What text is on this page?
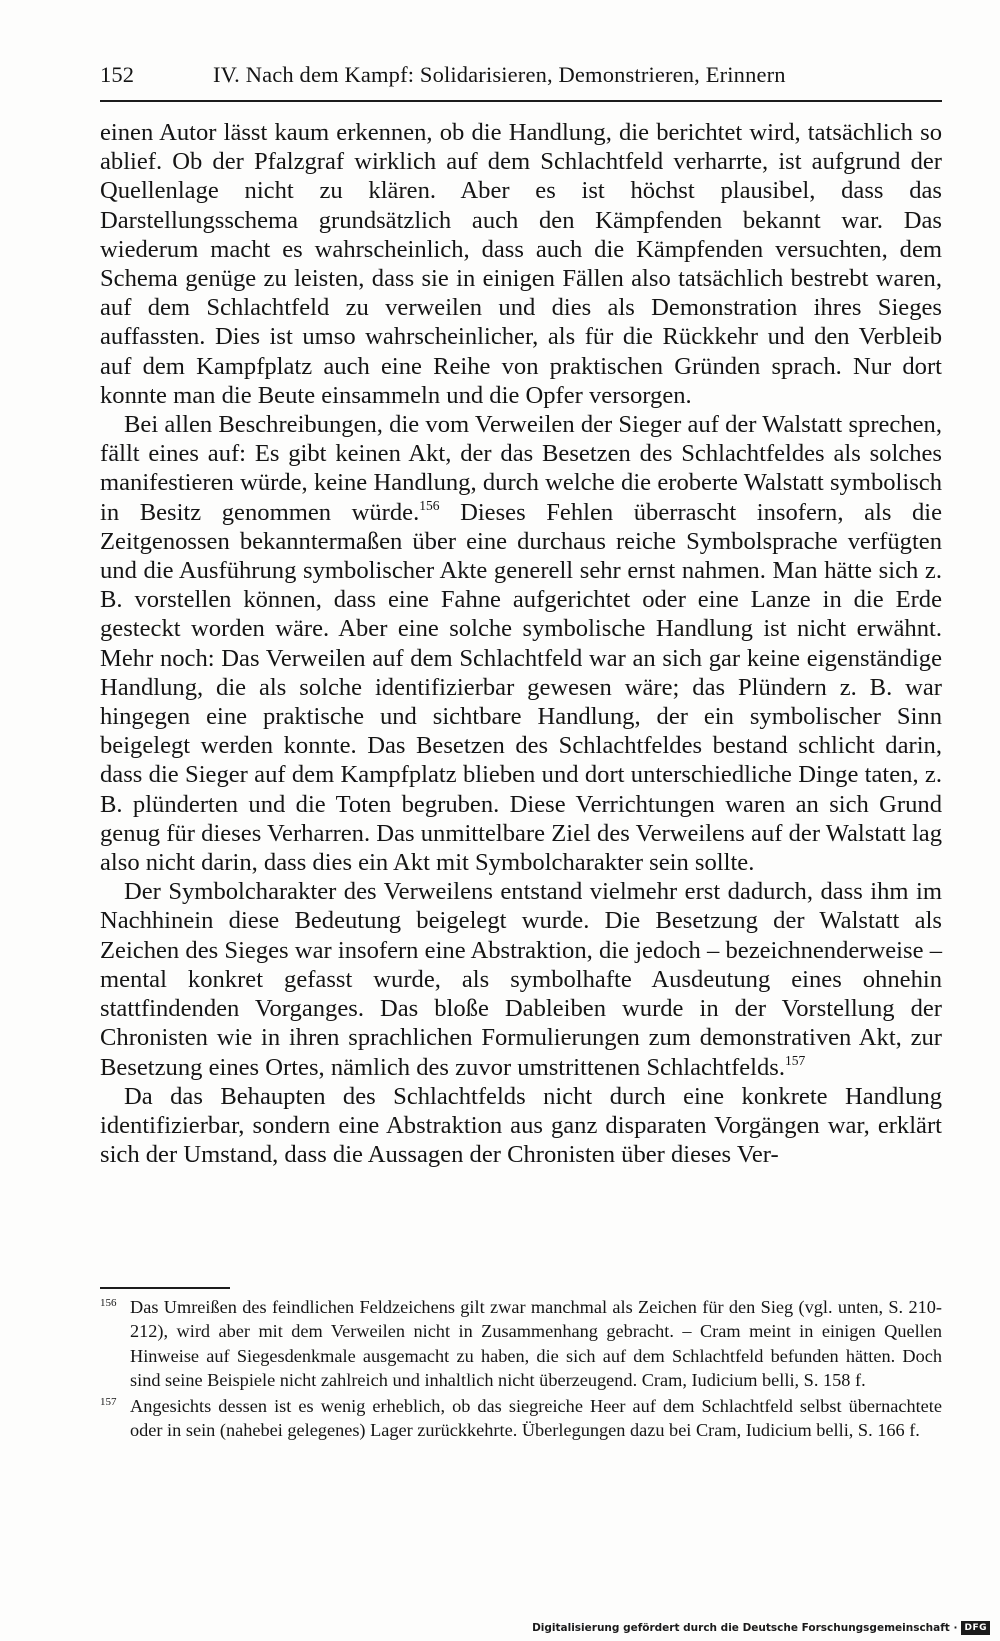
152	IV. Nach dem Kampf: Solidarisieren, Demonstrieren, Erinnern

einen Autor lässt kaum erkennen, ob die Handlung, die berichtet wird, tatsächlich so ablief. Ob der Pfalzgraf wirklich auf dem Schlachtfeld verharrte, ist aufgrund der Quellenlage nicht zu klären. Aber es ist höchst plausibel, dass das Darstellungsschema grundsätzlich auch den Kämpfenden bekannt war. Das wiederum macht es wahrscheinlich, dass auch die Kämpfenden versuchten, dem Schema genüge zu leisten, dass sie in einigen Fällen also tatsächlich bestrebt waren, auf dem Schlachtfeld zu verweilen und dies als Demonstration ihres Sieges auffassten. Dies ist umso wahrscheinlicher, als für die Rückkehr und den Verbleib auf dem Kampfplatz auch eine Reihe von praktischen Gründen sprach. Nur dort konnte man die Beute einsammeln und die Opfer versorgen.

Bei allen Beschreibungen, die vom Verweilen der Sieger auf der Walstatt sprechen, fällt eines auf: Es gibt keinen Akt, der das Besetzen des Schlachtfeldes als solches manifestieren würde, keine Handlung, durch welche die eroberte Walstatt symbolisch in Besitz genommen würde.$^{156}$ Dieses Fehlen überrascht insofern, als die Zeitgenossen bekanntermaßen über eine durchaus reiche Symbolsprache verfügten und die Ausführung symbolischer Akte generell sehr ernst nahmen. Man hätte sich z. B. vorstellen können, dass eine Fahne aufgerichtet oder eine Lanze in die Erde gesteckt worden wäre. Aber eine solche symbolische Handlung ist nicht erwähnt. Mehr noch: Das Verweilen auf dem Schlachtfeld war an sich gar keine eigenständige Handlung, die als solche identifizierbar gewesen wäre; das Plündern z. B. war hingegen eine praktische und sichtbare Handlung, der ein symbolischer Sinn beigelegt werden konnte. Das Besetzen des Schlachtfeldes bestand schlicht darin, dass die Sieger auf dem Kampfplatz blieben und dort unterschiedliche Dinge taten, z. B. plünderten und die Toten begruben. Diese Verrichtungen waren an sich Grund genug für dieses Verharren. Das unmittelbare Ziel des Verweilens auf der Walstatt lag also nicht darin, dass dies ein Akt mit Symbolcharakter sein sollte.

Der Symbolcharakter des Verweilens entstand vielmehr erst dadurch, dass ihm im Nachhinein diese Bedeutung beigelegt wurde. Die Besetzung der Walstatt als Zeichen des Sieges war insofern eine Abstraktion, die jedoch – bezeichnenderweise – mental konkret gefasst wurde, als symbolhafte Ausdeutung eines ohnehin stattfindenden Vorganges. Das bloße Dableiben wurde in der Vorstellung der Chronisten wie in ihren sprachlichen Formulierungen zum demonstrativen Akt, zur Besetzung eines Ortes, nämlich des zuvor umstrittenen Schlachtfelds.$^{157}$

Da das Behaupten des Schlachtfelds nicht durch eine konkrete Handlung identifizierbar, sondern eine Abstraktion aus ganz disparaten Vorgängen war, erklärt sich der Umstand, dass die Aussagen der Chronisten über dieses Ver-

156 Das Umreißen des feindlichen Feldzeichens gilt zwar manchmal als Zeichen für den Sieg (vgl. unten, S. 210-212), wird aber mit dem Verweilen nicht in Zusammenhang gebracht. – Cram meint in einigen Quellen Hinweise auf Siegesdenkmale ausgemacht zu haben, die sich auf dem Schlachtfeld befunden hätten. Doch sind seine Beispiele nicht zahlreich und inhaltlich nicht überzeugend. Cram, Iudicium belli, S. 158 f.
157 Angesichts dessen ist es wenig erheblich, ob das siegreiche Heer auf dem Schlachtfeld selbst übernachtete oder in sein (nahebei gelegenes) Lager zurückkehrte. Überlegungen dazu bei Cram, Iudicium belli, S. 166 f.
Digitalisierung gefördert durch die Deutsche Forschungsgemeinschaft · DFG
